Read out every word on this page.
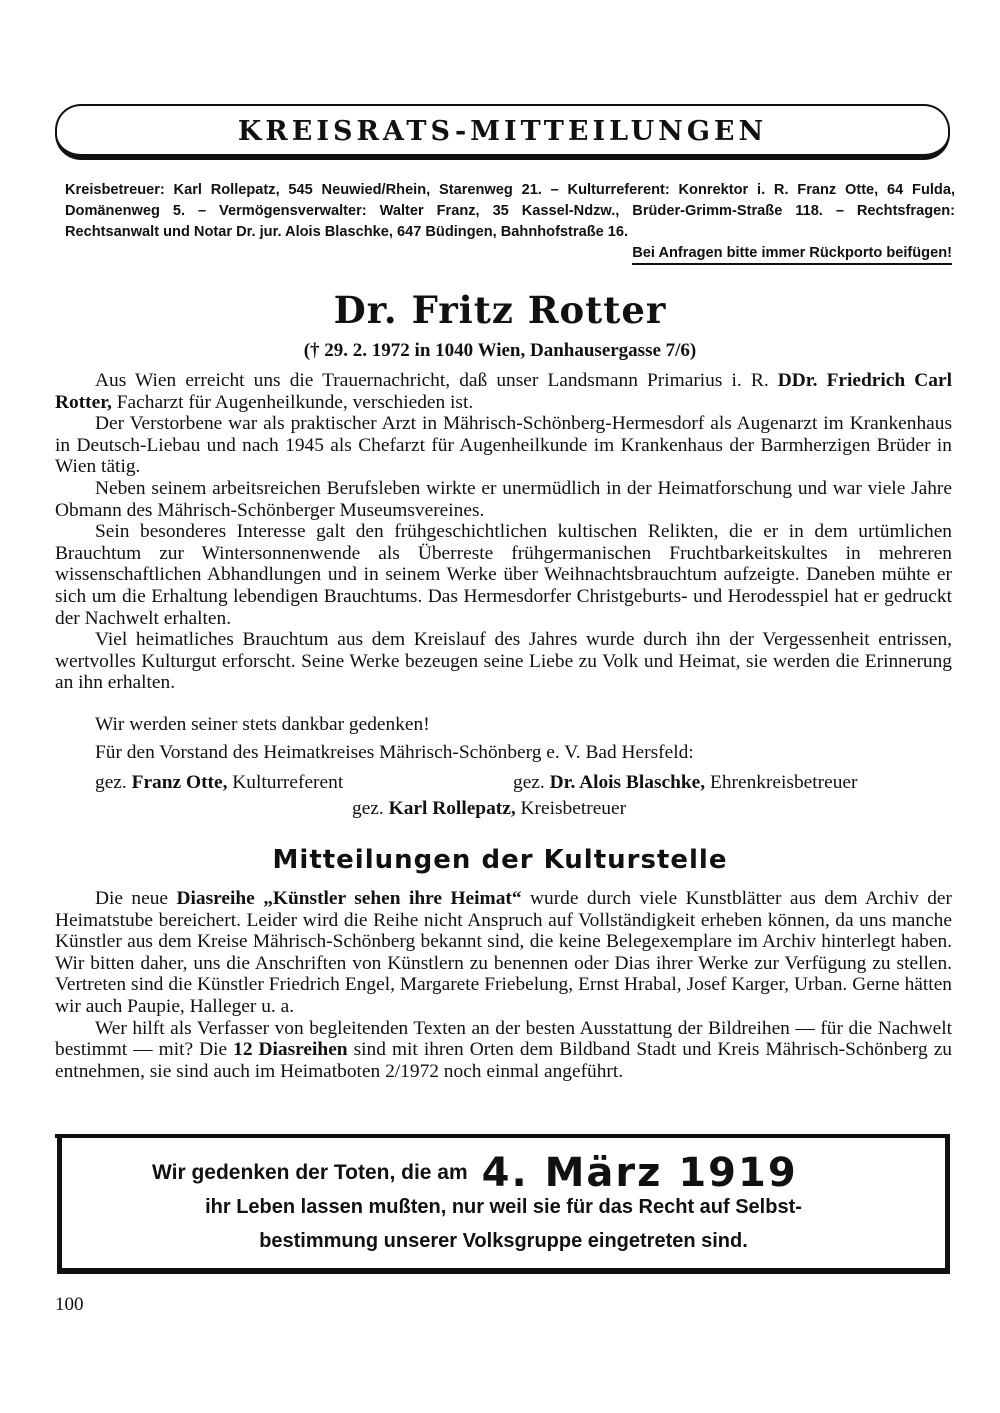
KREISRATS-MITTEILUNGEN
Kreisbetreuer: Karl Rollepatz, 545 Neuwied/Rhein, Starenweg 21. – Kulturreferent: Konrektor i. R. Franz Otte, 64 Fulda, Domänenweg 5. – Vermögensverwalter: Walter Franz, 35 Kassel-Ndzw., Brüder-Grimm-Straße 118. – Rechtsfragen: Rechtsanwalt und Notar Dr. jur. Alois Blaschke, 647 Büdingen, Bahnhofstraße 16.
Bei Anfragen bitte immer Rückporto beifügen!
Dr. Fritz Rotter
(† 29. 2. 1972 in 1040 Wien, Danhausergasse 7/6)

Aus Wien erreicht uns die Trauernachricht, daß unser Landsmann Primarius i. R. DDr. Friedrich Carl Rotter, Facharzt für Augenheilkunde, verschieden ist.

Der Verstorbene war als praktischer Arzt in Mährisch-Schönberg-Hermesdorf als Augenarzt im Krankenhaus in Deutsch-Liebau und nach 1945 als Chefarzt für Augenheilkunde im Krankenhaus der Barmherzigen Brüder in Wien tätig.

Neben seinem arbeitsreichen Berufsleben wirkte er unermüdlich in der Heimatforschung und war viele Jahre Obmann des Mährisch-Schönberger Museumsvereines.

Sein besonderes Interesse galt den frühgeschichtlichen kultischen Relikten, die er in dem urtümlichen Brauchtum zur Wintersonnenwende als Überreste frühgermanischen Fruchtbarkeitskultes in mehreren wissenschaftlichen Abhandlungen und in seinem Werke über Weihnachtsbrauchtum aufzeigte. Daneben mühte er sich um die Erhaltung lebendigen Brauchtums. Das Hermesdorfer Christgeburts- und Herodesspiel hat er gedruckt der Nachwelt erhalten.

Viel heimatliches Brauchtum aus dem Kreislauf des Jahres wurde durch ihn der Vergessenheit entrissen, wertvolles Kulturgut erforscht. Seine Werke bezeugen seine Liebe zu Volk und Heimat, sie werden die Erinnerung an ihn erhalten.

Wir werden seiner stets dankbar gedenken!
Für den Vorstand des Heimatkreises Mährisch-Schönberg e. V. Bad Hersfeld:
gez. Franz Otte, Kulturreferent	gez. Dr. Alois Blaschke, Ehrenkreisbetreuer
gez. Karl Rollepatz, Kreisbetreuer
Mitteilungen der Kulturstelle

Die neue Diasreihe „Künstler sehen ihre Heimat“ wurde durch viele Kunstblätter aus dem Archiv der Heimatstube bereichert. Leider wird die Reihe nicht Anspruch auf Vollständigkeit erheben können, da uns manche Künstler aus dem Kreise Mährisch-Schönberg bekannt sind, die keine Belegexemplare im Archiv hinterlegt haben. Wir bitten daher, uns die Anschriften von Künstlern zu benennen oder Dias ihrer Werke zur Verfügung zu stellen. Vertreten sind die Künstler Friedrich Engel, Margarete Friebelung, Ernst Hrabal, Josef Karger, Urban. Gerne hätten wir auch Paupie, Halleger u. a.

Wer hilft als Verfasser von begleitenden Texten an der besten Ausstattung der Bildreihen — für die Nachwelt bestimmt — mit? Die 12 Diasreihen sind mit ihren Orten dem Bildband Stadt und Kreis Mährisch-Schönberg zu entnehmen, sie sind auch im Heimatboten 2/1972 noch einmal angeführt.

Wir gedenken der Toten, die am 4. März 1919
ihr Leben lassen mußten, nur weil sie für das Recht auf Selbst-
bestimmung unserer Volksgruppe eingetreten sind.
100
